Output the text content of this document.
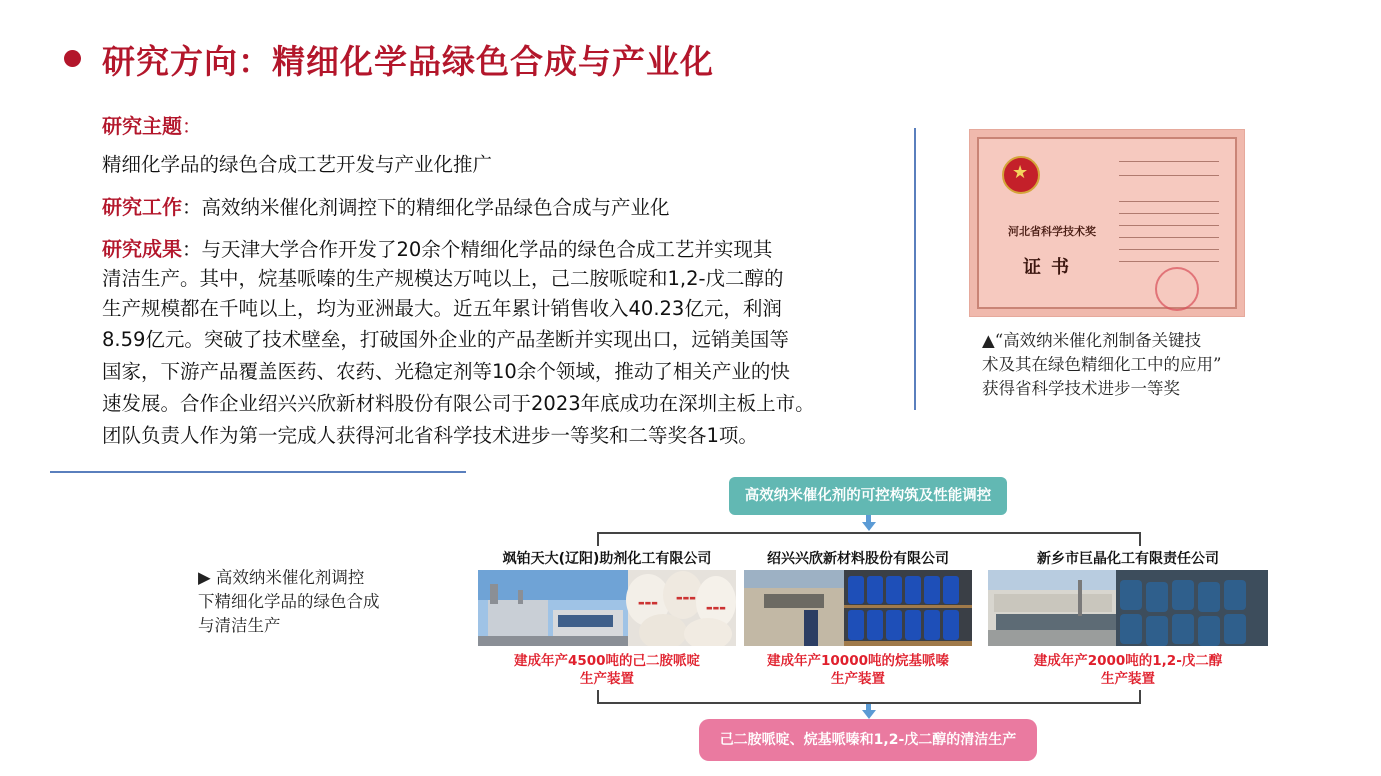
研究方向：精细化学品绿色合成与产业化
研究主题：
精细化学品的绿色合成工艺开发与产业化推广
研究工作：高效纳米催化剂调控下的精细化学品绿色合成与产业化
研究成果：与天津大学合作开发了20余个精细化学品的绿色合成工艺并实现其
清洁生产。其中，烷基哌嗪的生产规模达万吨以上，己二胺哌啶和1,2-戊二醇的
生产规模都在千吨以上，均为亚洲最大。近五年累计销售收入40.23亿元，利润
8.59亿元。突破了技术壁垒，打破国外企业的产品垄断并实现出口，远销美国等
国家，下游产品覆盖医药、农药、光稳定剂等10余个领域，推动了相关产业的快
速发展。合作企业绍兴兴欣新材料股份有限公司于2023年底成功在深圳主板上市。
团队负责人作为第一完成人获得河北省科学技术进步一等奖和二等奖各1项。
★
河北省科学技术奖
证书
▲“高效纳米催化剂制备关键技
术及其在绿色精细化工中的应用”
获得省科学技术进步一等奖
▶ 高效纳米催化剂调控
下精细化学品的绿色合成
与清洁生产
高效纳米催化剂的可控构筑及性能调控
飒铂天大(辽阳)助剂化工有限公司	绍兴兴欣新材料股份有限公司	新乡市巨晶化工有限责任公司
▬▬▬
▬▬▬
▬▬▬
建成年产4500吨的己二胺哌啶
生产装置
建成年产10000吨的烷基哌嗪
生产装置
建成年产2000吨的1,2-戊二醇
生产装置
己二胺哌啶、烷基哌嗪和1,2-戊二醇的清洁生产
